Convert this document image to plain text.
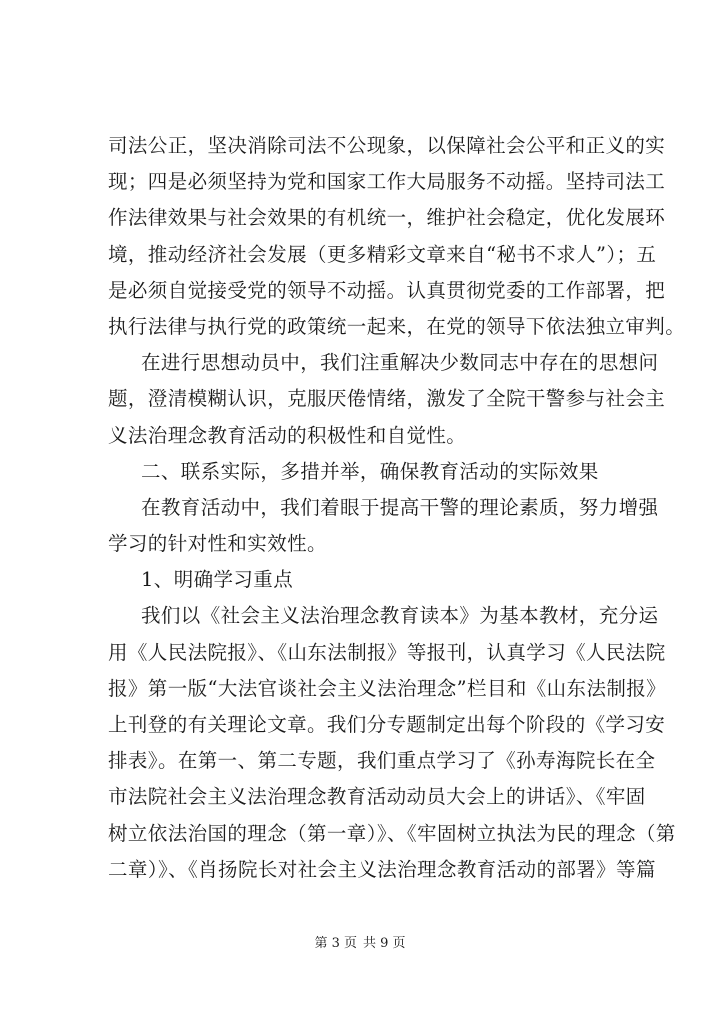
司法公正，坚决消除司法不公现象，以保障社会公平和正义的实
现；四是必须坚持为党和国家工作大局服务不动摇。坚持司法工
作法律效果与社会效果的有机统一，维护社会稳定，优化发展环
境，推动经济社会发展（更多精彩文章来自“秘书不求人”）；五
是必须自觉接受党的领导不动摇。认真贯彻党委的工作部署，把
执行法律与执行党的政策统一起来，在党的领导下依法独立审判。
在进行思想动员中，我们注重解决少数同志中存在的思想问
题，澄清模糊认识，克服厌倦情绪，激发了全院干警参与社会主
义法治理念教育活动的积极性和自觉性。
二、联系实际，多措并举，确保教育活动的实际效果
在教育活动中，我们着眼于提高干警的理论素质，努力增强
学习的针对性和实效性。
1、明确学习重点
我们以《社会主义法治理念教育读本》为基本教材，充分运
用《人民法院报》、《山东法制报》等报刊，认真学习《人民法院
报》第一版“大法官谈社会主义法治理念”栏目和《山东法制报》
上刊登的有关理论文章。我们分专题制定出每个阶段的《学习安
排表》。在第一、第二专题，我们重点学习了《孙寿海院长在全
市法院社会主义法治理念教育活动动员大会上的讲话》、《牢固
树立依法治国的理念（第一章）》、《牢固树立执法为民的理念（第
二章）》、《肖扬院长对社会主义法治理念教育活动的部署》等篇
第 3 页 共 9 页
